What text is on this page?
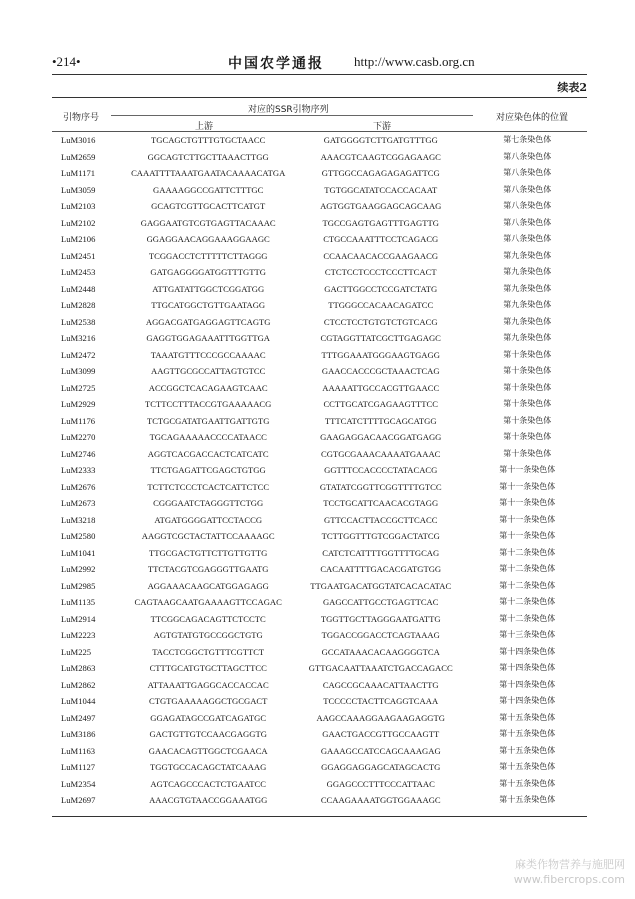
•214•	中国农学通报 http://www.casb.org.cn
续表2
引物序号
对应的SSR引物序列
上游	下游
对应染色体的位置
LuM3016	TGCAGCTGTTTGTGCTAACC	GATGGGGTCTTGATGTTTGG	第七条染色体
LuM2659	GGCAGTCTTGCTTAAACTTGG	AAACGTCAAGTCGGAGAAGC	第八条染色体
LuM1171	CAAATTTTAAATGAATACAAAACATGA	GTTGGCCAGAGAGAGATTCG	第八条染色体
LuM3059	GAAAAGGCCGATTCTTTGC	TGTGGCATATCCACCACAAT	第八条染色体
LuM2103	GCAGTCGTTGCACTTCATGT	AGTGGTGAAGGAGCAGCAAG	第八条染色体
LuM2102	GAGGAATGTCGTGAGTTACAAAC	TGCCGAGTGAGTTTGAGTTG	第八条染色体
LuM2106	GGAGGAACAGGAAAGGAAGC	CTGCCAAATTTCCTCAGACG	第八条染色体
LuM2451	TCGGACCTCTTTTTCTTAGGG	CCAACAACACCGAAGAACG	第九条染色体
LuM2453	GATGAGGGGATGGTTTGTTG	CTCTCCTCCCTCCCTTCACT	第九条染色体
LuM2448	ATTGATATTGGCTCGGATGG	GACTTGGCCTCCGATCTATG	第九条染色体
LuM2828	TTGCATGGCTGTTGAATAGG	TTGGGCCACAACAGATCC	第九条染色体
LuM2538	AGGACGATGAGGAGTTCAGTG	CTCCTCCTGTGTCTGTCACG	第九条染色体
LuM3216	GAGGTGGAGAAATTTGGTTGA	CGTAGGTTATCGCTTGAGAGC	第九条染色体
LuM2472	TAAATGTTTCCCGCCAAAAC	TTTGGAAATGGGAAGTGAGG	第十条染色体
LuM3099	AAGTTGCGCCATTAGTGTCC	GAACCACCCGCTAAACTCAG	第十条染色体
LuM2725	ACCGGCTCACAGAAGTCAAC	AAAAATTGCCACGTTGAACC	第十条染色体
LuM2929	TCTTCCTTTACCGTGAAAAACG	CCTTGCATCGAGAAGTTTCC	第十条染色体
LuM1176	TCTGCGATATGAATTGATTGTG	TTTCATCTTTTGCAGCATGG	第十条染色体
LuM2270	TGCAGAAAAACCCCATAACC	GAAGAGGACAACGGATGAGG	第十条染色体
LuM2746	AGGTCACGACCACTCATCATC	CGTGCGAAACAAAATGAAAC	第十条染色体
LuM2333	TTCTGAGATTCGAGCTGTGG	GGTTTCCACCCCTATACACG	第十一条染色体
LuM2676	TCTTCTCCCTCACTCATTCTCC	GTATATCGGTTCGGTTTTGTCC	第十一条染色体
LuM2673	CGGGAATCTAGGGTTCTGG	TCCTGCATTCAACACGTAGG	第十一条染色体
LuM3218	ATGATGGGGATTCCTACCG	GTTCCACTTACCGCTTCACC	第十一条染色体
LuM2580	AAGGTCGCTACTATTCCAAAAGC	TCTTGGTTTGTCGGACTATCG	第十一条染色体
LuM1041	TTGCGACTGTTCTTGTTGTTG	CATCTCATTTTGGTTTTGCAG	第十二条染色体
LuM2992	TTCTACGTCGAGGGTTGAATG	CACAATTTTGACACGATGTGG	第十二条染色体
LuM2985	AGGAAACAAGCATGGAGAGG	TTGAATGACATGGTATCACACATAC	第十二条染色体
LuM1135	CAGTAAGCAATGAAAAGTTCCAGAC	GAGCCATTGCCTGAGTTCAC	第十二条染色体
LuM2914	TTCGGCAGACAGTTCTCCTC	TGGTTGCTTAGGGAATGATTG	第十二条染色体
LuM2223	AGTGTATGTGCCGGCTGTG	TGGACCGGACCTCAGTAAAG	第十三条染色体
LuM225	TACCTCGGCTGTTTCGTTCT	GCCATAAACACAAGGGGTCA	第十四条染色体
LuM2863	CTTTGCATGTGCTTAGCTTCC	GTTGACAATTAAATCTGACCAGACC	第十四条染色体
LuM2862	ATTAAATTGAGGCACCACCAC	CAGCCGCAAACATTAACTTG	第十四条染色体
LuM1044	CTGTGAAAAAGGCTGCGACT	TCCCCCTACTTCAGGTCAAA	第十四条染色体
LuM2497	GGAGATAGCCGATCAGATGC	AAGCCAAAGGAAGAAGAGGTG	第十五条染色体
LuM3186	GACTGTTGTCCAACGAGGTG	GAACTGACCGTTGCCAAGTT	第十五条染色体
LuM1163	GAACACAGTTGGCTCGAACA	GAAAGCCATCCAGCAAAGAG	第十五条染色体
LuM1127	TGGTGCCACAGCTATCAAAG	GGAGGAGGAGCATAGCACTG	第十五条染色体
LuM2354	AGTCAGCCCACTCTGAATCC	GGAGCCCTTTCCCATTAAC	第十五条染色体
LuM2697	AAACGTGTAACCGGAAATGG	CCAAGAAAATGGTGGAAAGC	第十五条染色体
麻类作物营养与施肥网
www.fibercrops.com
